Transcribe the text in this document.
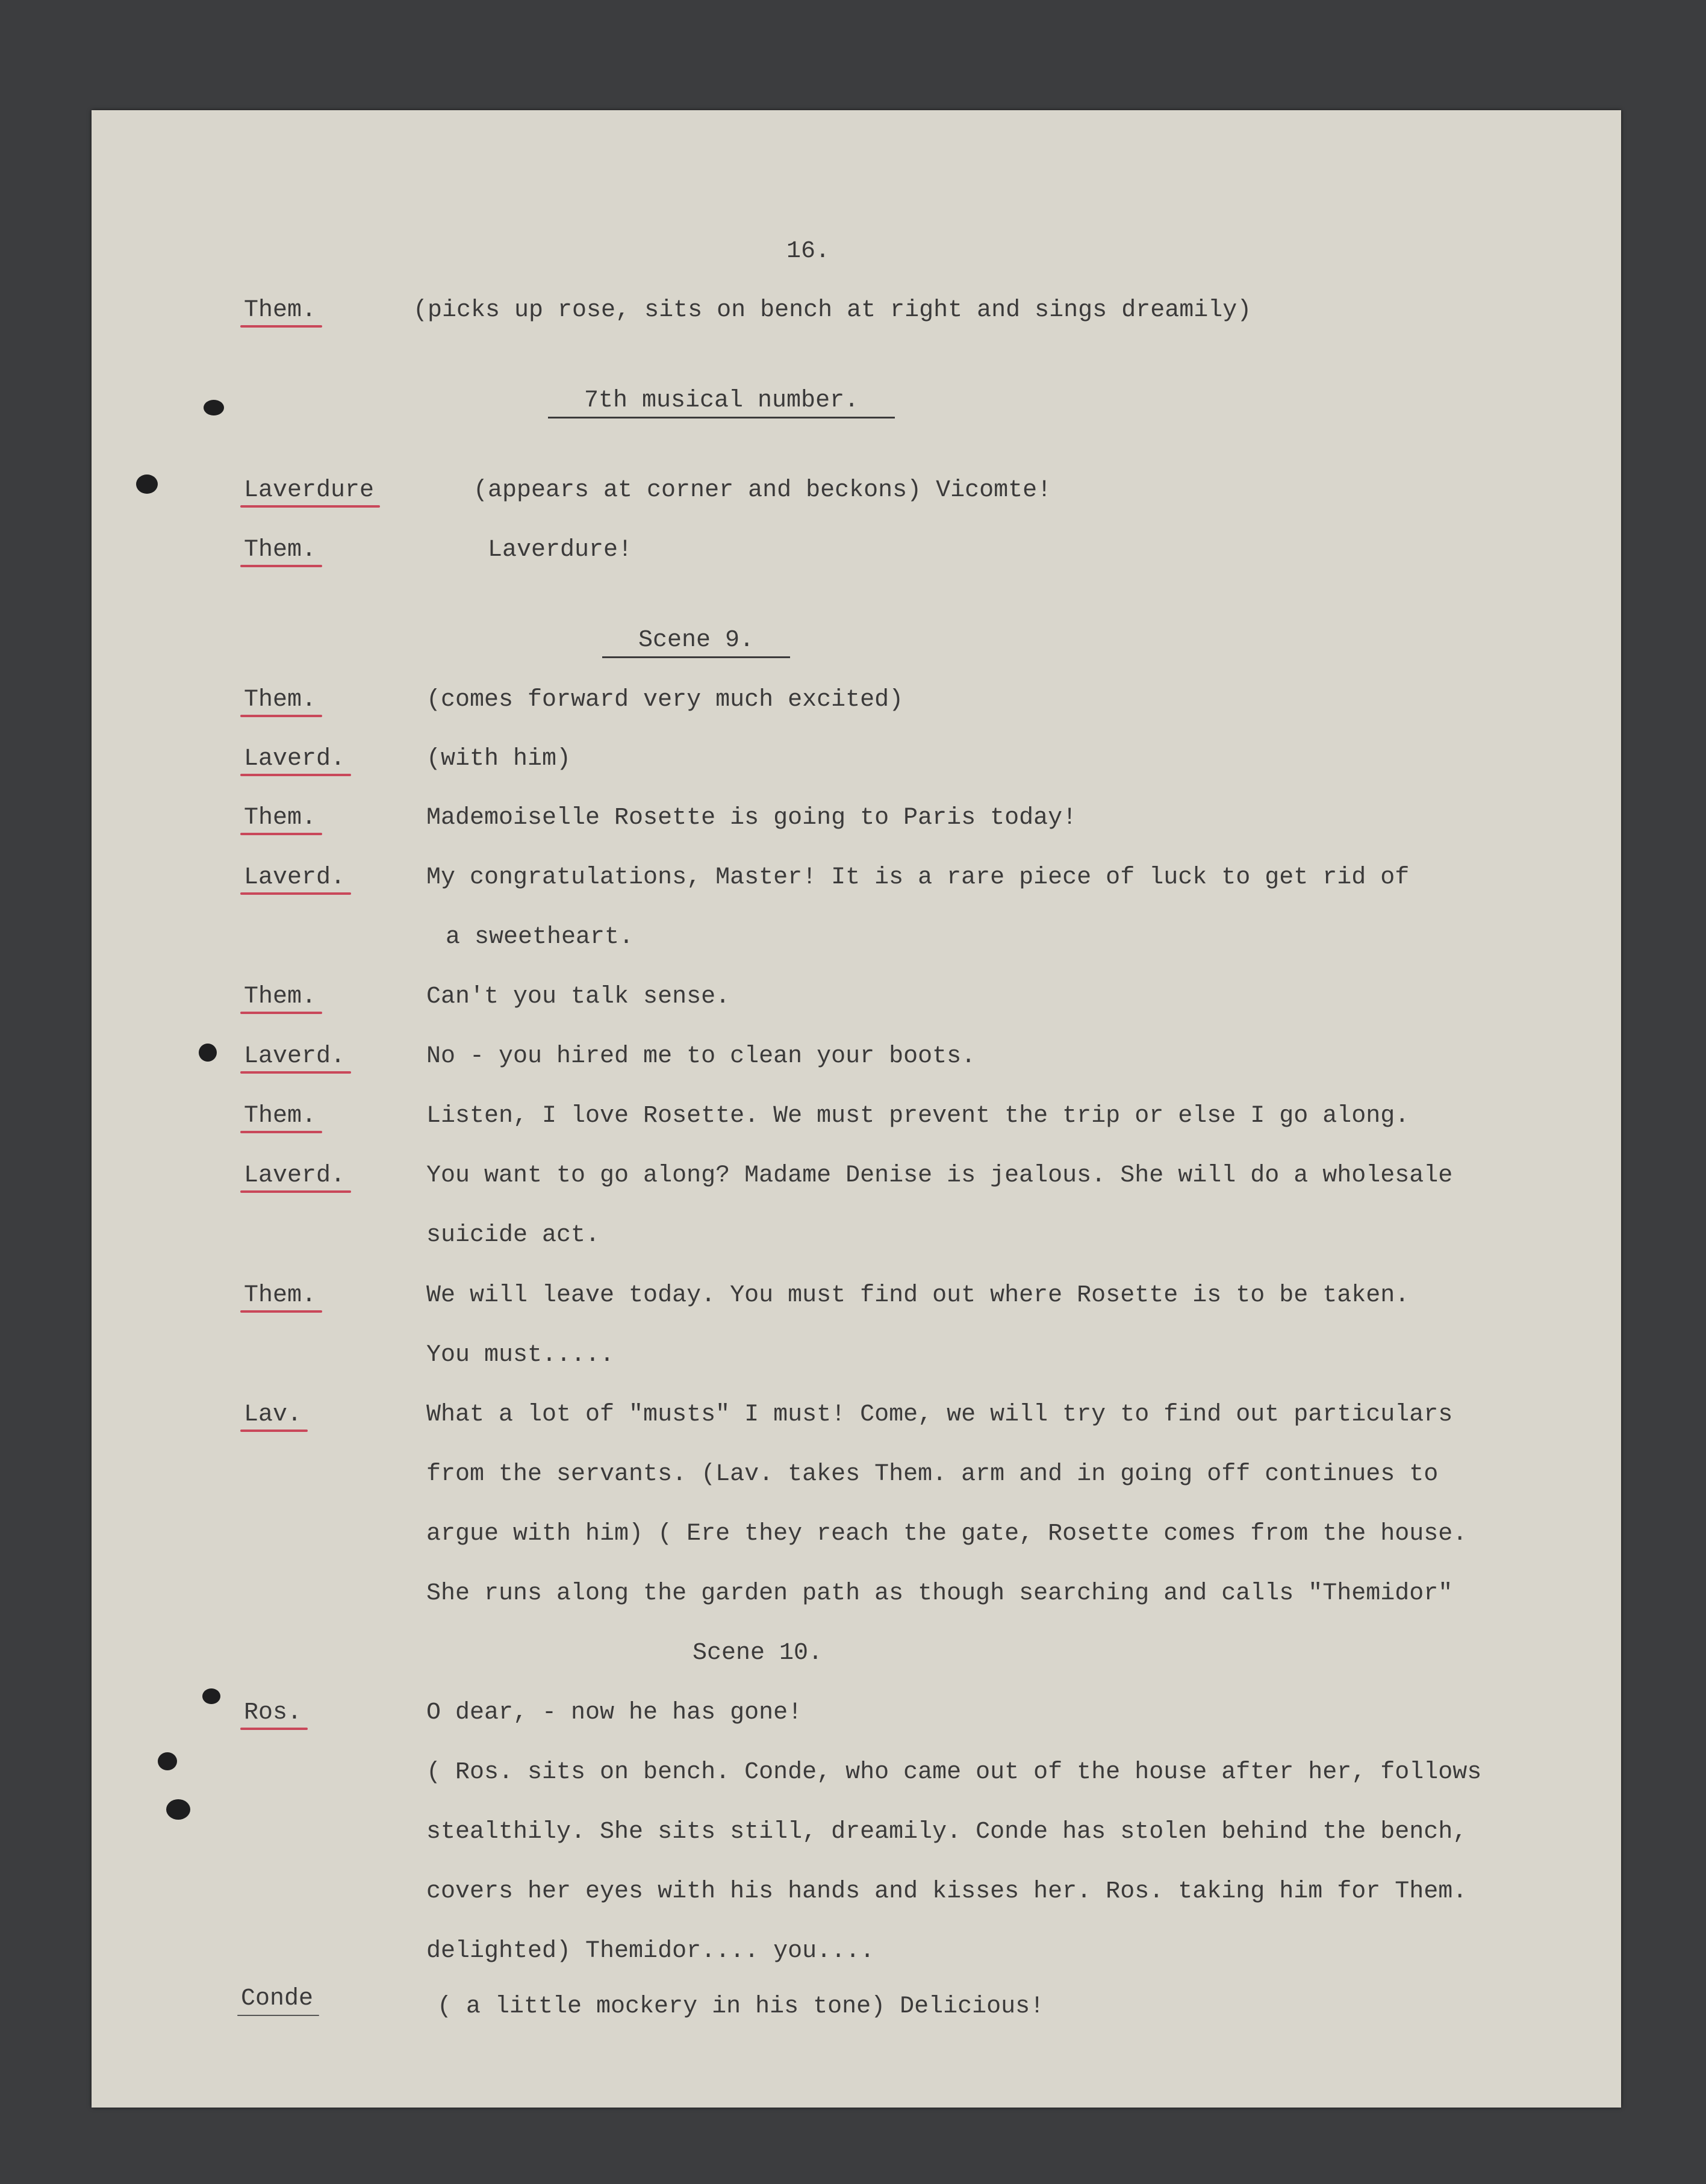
16.
Them.	(picks up rose, sits on bench at right and sings dreamily)
7th musical number.
Laverdure	(appears at corner and beckons) Vicomte!
Them.	Laverdure!
Scene 9.
Them.	(comes forward very much excited)
Laverd.	(with him)
Them.	Mademoiselle Rosette is going to Paris today!
Laverd.	My congratulations, Master! It is a rare piece of luck to get rid of
a sweetheart.
Them.	Can't you talk sense.
Laverd.	No - you hired me to clean your boots.
Them.	Listen, I love Rosette. We must prevent the trip or else I go along.
Laverd.	You want to go along? Madame Denise is jealous. She will do a wholesale
suicide act.
Them.	We will leave today. You must find out where Rosette is to be taken.
You must.....
Lav.	What a lot of "musts" I must! Come, we will try to find out particulars
from the servants. (Lav. takes Them. arm and in going off continues to
argue with him) ( Ere they reach the gate, Rosette comes from the house.
She runs along the garden path as though searching and calls "Themidor"
Scene 10.
Ros.	O dear, - now he has gone!
( Ros. sits on bench. Conde, who came out of the house after her, follows
stealthily. She sits still, dreamily. Conde has stolen behind the bench,
covers her eyes with his hands and kisses her. Ros. taking him for Them.
delighted) Themidor.... you....
Conde	( a little mockery in his tone) Delicious!
